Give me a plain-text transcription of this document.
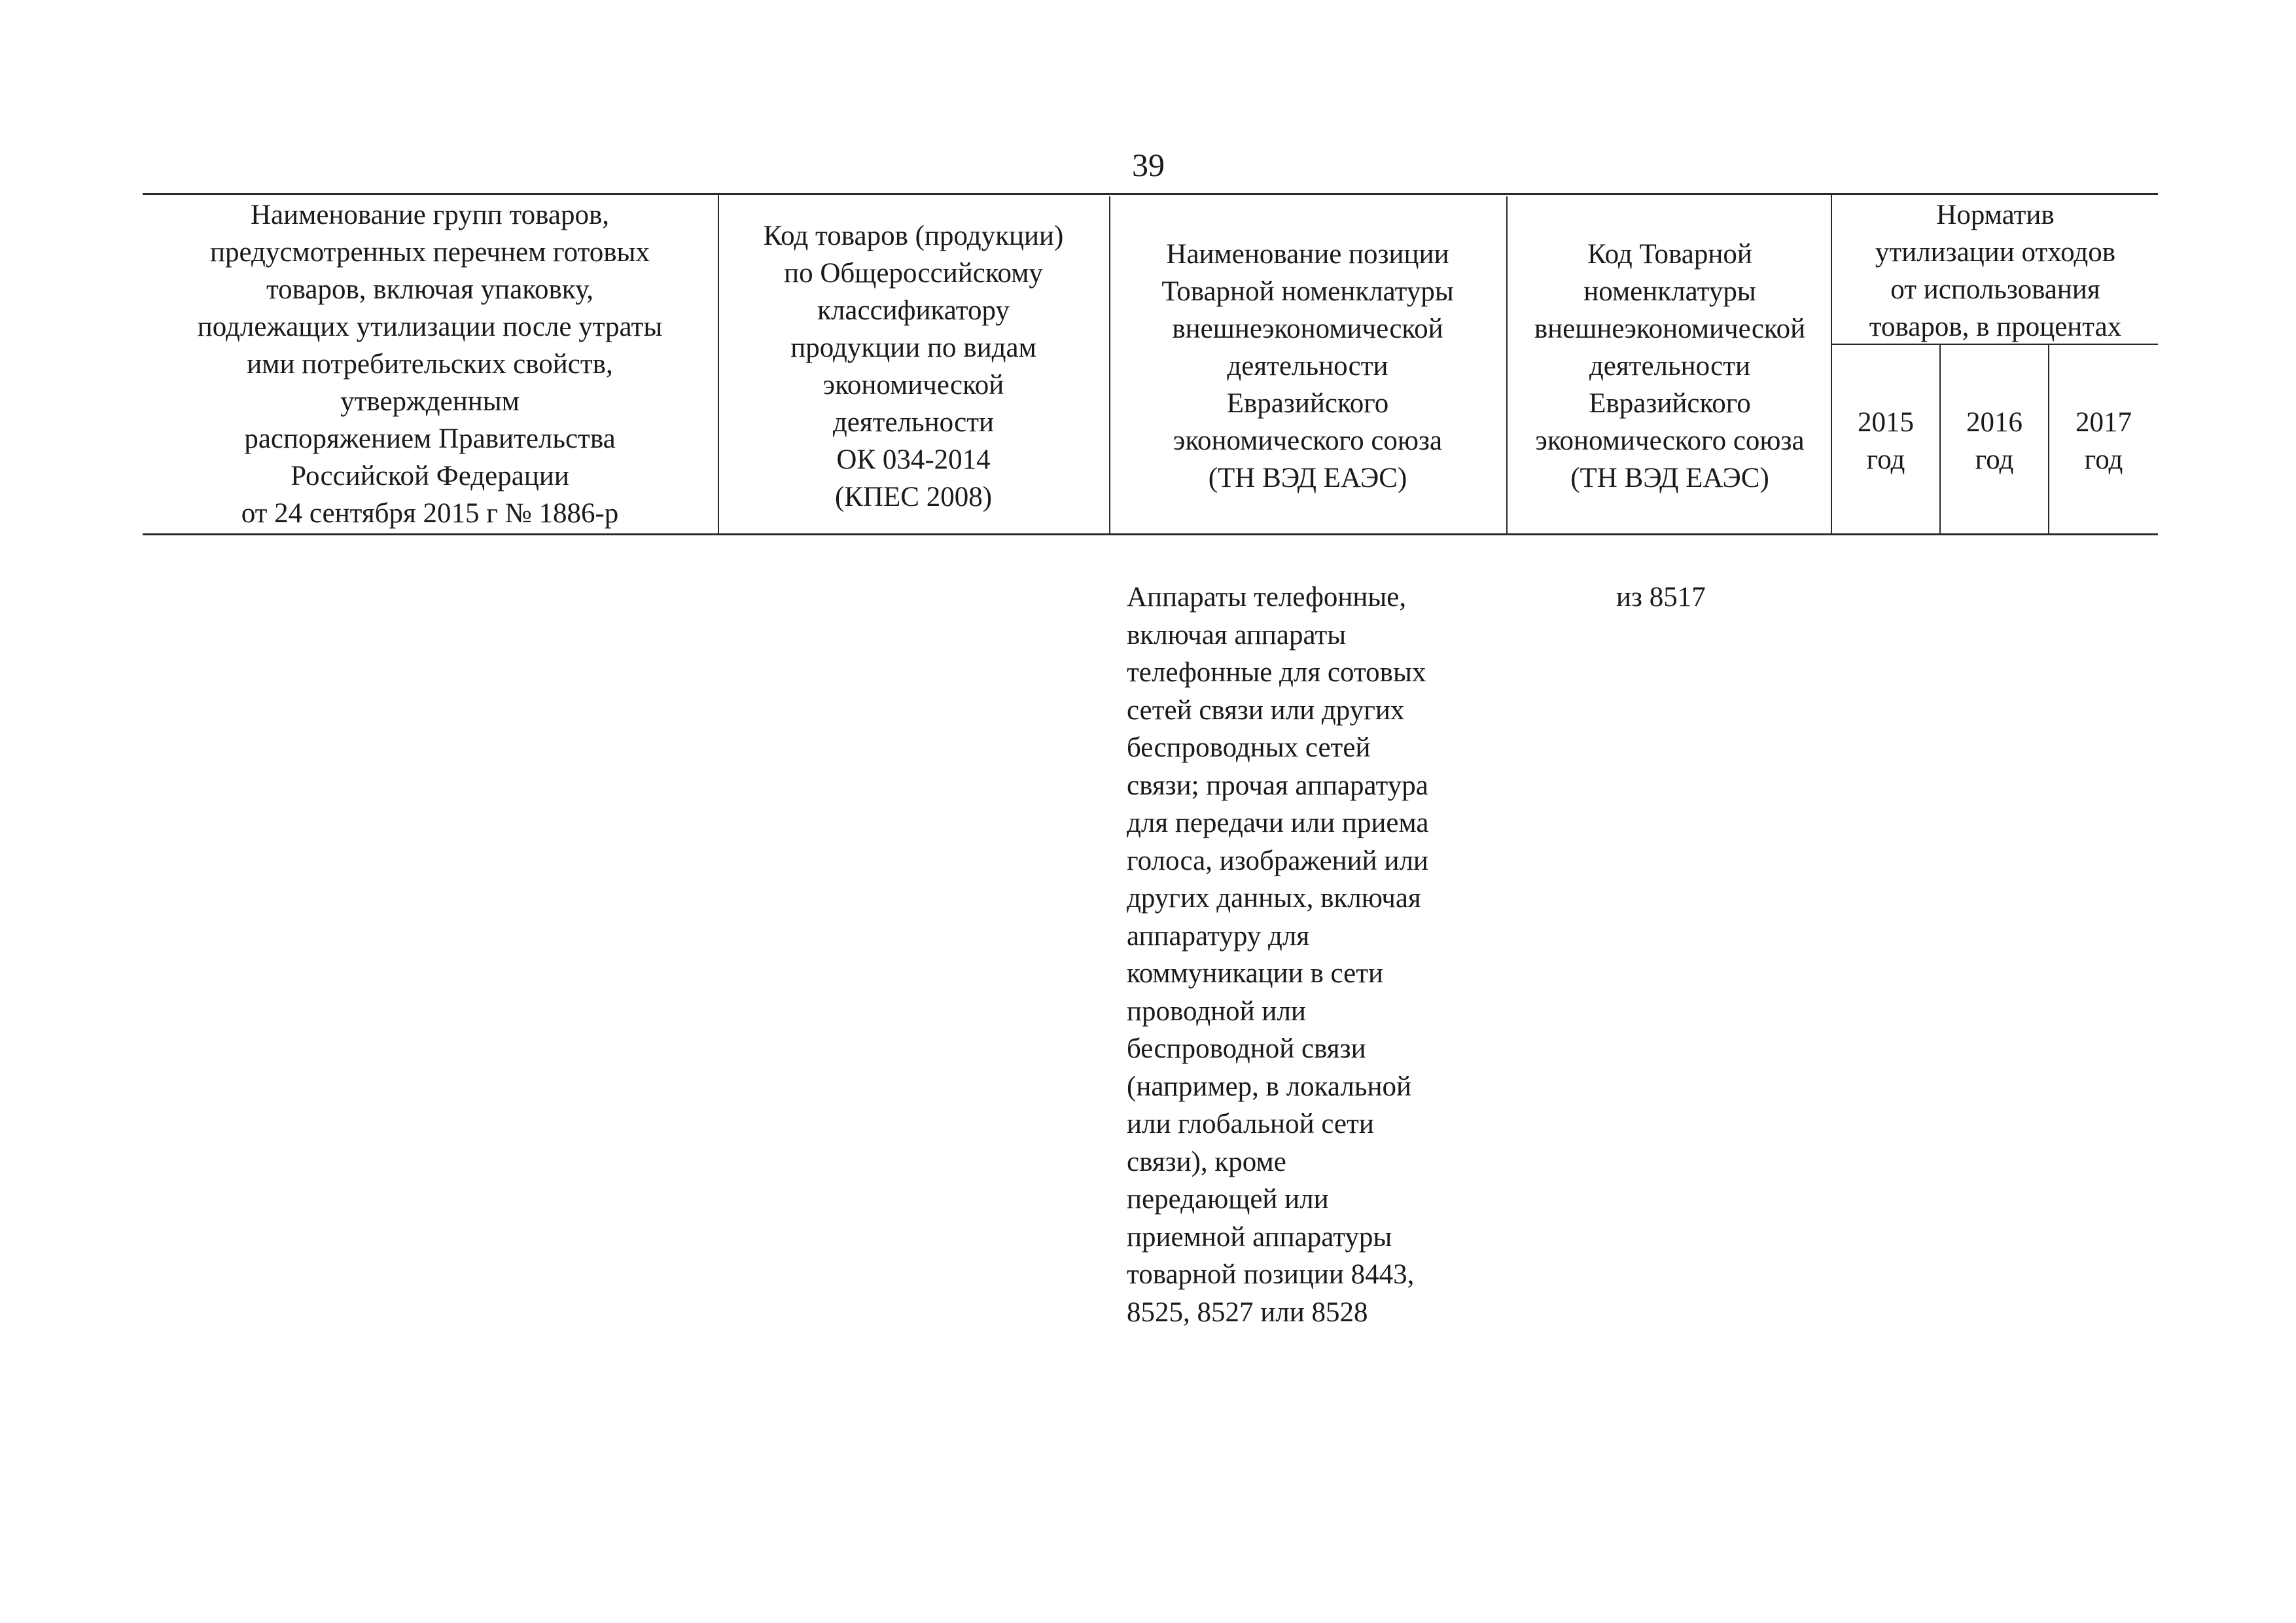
39
Наименование групп товаров,
предусмотренных перечнем готовых
товаров, включая упаковку,
подлежащих утилизации после утраты
ими потребительских свойств,
утвержденным
распоряжением Правительства
Российской Федерации
от 24 сентября 2015 г № 1886-р
Код товаров (продукции)
по Общероссийскому
классификатору
продукции по видам
экономической
деятельности
ОК 034-2014
(КПЕС 2008)
Наименование позиции
Товарной номенклатуры
внешнеэкономической
деятельности
Евразийского
экономического союза
(ТН ВЭД ЕАЭС)
Код Товарной
номенклатуры
внешнеэкономической
деятельности
Евразийского
экономического союза
(ТН ВЭД ЕАЭС)
Норматив
утилизации отходов
от использования
товаров, в процентах
2015
год
2016
год
2017
год
Аппараты телефонные,
включая аппараты
телефонные для сотовых
сетей связи или других
беспроводных сетей
связи; прочая аппаратура
для передачи или приема
голоса, изображений или
других данных, включая
аппаратуру для
коммуникации в сети
проводной или
беспроводной связи
(например, в локальной
или глобальной сети
связи), кроме
передающей или
приемной аппаратуры
товарной позиции 8443,
8525, 8527 или 8528
из 8517
